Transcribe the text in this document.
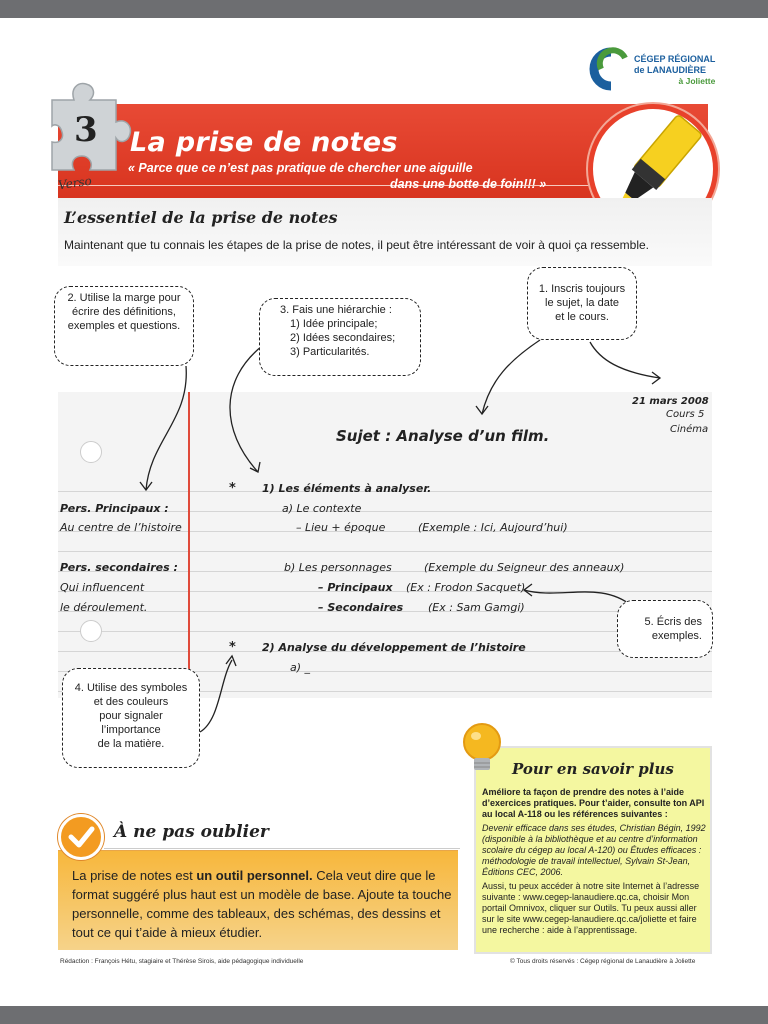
CÉGEP RÉGIONAL
de LANAUDIÈRE
à Joliette
3
Verso
La prise de notes
« Parce que ce n’est pas pratique de chercher une aiguille
dans une botte de foin!!! »
L’essentiel de la prise de notes
Maintenant que tu connais les étapes de la prise de notes, il peut être intéressant de voir à quoi ça ressemble.
21 mars 2008
Cours 5
Cinéma
Sujet : Analyse d’un film.
* 1) Les éléments à analyser.
a) Le contexte
– Lieu + époque	(Exemple : Ici, Aujourd’hui)
b) Les personnages	(Exemple du Seigneur des anneaux)
– Principaux (Ex : Frodon Sacquet)
– Secondaires (Ex : Sam Gamgi)
* 2) Analyse du développement de l’histoire
a) _
Pers. Principaux :
Au centre de l’histoire
Pers. secondaires :
Qui influencent
le déroulement.
2. Utilise la marge pour
écrire des définitions,
exemples et questions.
3. Fais une hiérarchie :
1) Idée principale;
2) Idées secondaires;
3) Particularités.
1. Inscris toujours
le sujet, la date
et le cours.
5. Écris des
exemples.
4. Utilise des symboles
et des couleurs
pour signaler
l’importance
de la matière.
Pour en savoir plus
Améliore ta façon de prendre des notes à l’aide d’exercices pratiques. Pour t’aider, consulte ton API au local A-118 ou les références suivantes :
Devenir efficace dans ses études, Christian Bégin, 1992 (disponible à la bibliothèque et au centre d’information scolaire du cégep au local A-120) ou Études efficaces : méthodologie de travail intellectuel, Sylvain St-Jean, Éditions CEC, 2006.
Aussi, tu peux accéder à notre site Internet à l’adresse suivante : www.cegep-lanaudiere.qc.ca, choisir Mon portail Omnivox, cliquer sur Outils. Tu peux aussi aller sur le site www.cegep-lanaudiere.qc.ca/joliette et faire une recherche : aide à l’apprentissage.
À ne pas oublier
La prise de notes est un outil personnel. Cela veut dire que le format suggéré plus haut est un modèle de base. Ajoute ta touche personnelle, comme des tableaux, des schémas, des dessins et tout ce qui t’aide à mieux étudier.
Rédaction : François Hétu, stagiaire et Thérèse Sirois, aide pédagogique individuelle	© Tous droits réservés : Cégep régional de Lanaudière à Joliette
